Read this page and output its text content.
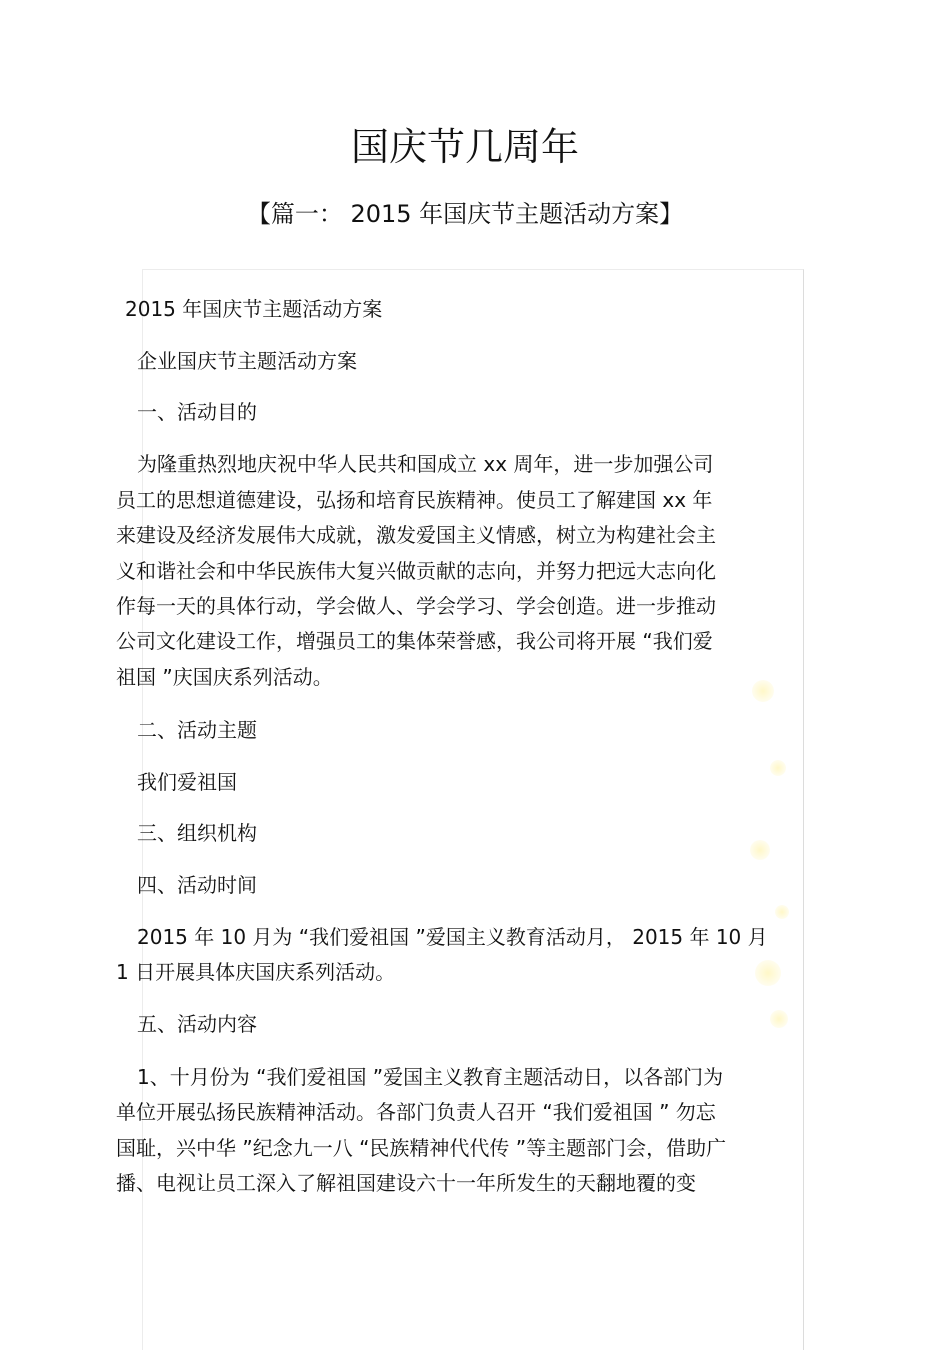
国庆节几周年
【篇一： 2015 年国庆节主题活动方案】
2015 年国庆节主题活动方案
企业国庆节主题活动方案
一、活动目的
为隆重热烈地庆祝中华人民共和国成立 xx 周年，进一步加强公司
员工的思想道德建设，弘扬和培育民族精神。使员工了解建国 xx 年
来建设及经济发展伟大成就，激发爱国主义情感，树立为构建社会主
义和谐社会和中华民族伟大复兴做贡献的志向，并努力把远大志向化
作每一天的具体行动，学会做人、学会学习、学会创造。进一步推动
公司文化建设工作，增强员工的集体荣誉感，我公司将开展 “我们爱
祖国 ”庆国庆系列活动。
二、活动主题
我们爱祖国
三、组织机构
四、活动时间
2015 年 10 月为 “我们爱祖国 ”爱国主义教育活动月， 2015 年 10 月
1 日开展具体庆国庆系列活动。
五、活动内容
1、十月份为 “我们爱祖国 ”爱国主义教育主题活动日，以各部门为
单位开展弘扬民族精神活动。各部门负责人召开 “我们爱祖国 ” 勿忘
国耻，兴中华 ”纪念九一八 “民族精神代代传 ”等主题部门会，借助广
播、电视让员工深入了解祖国建设六十一年所发生的天翻地覆的变
